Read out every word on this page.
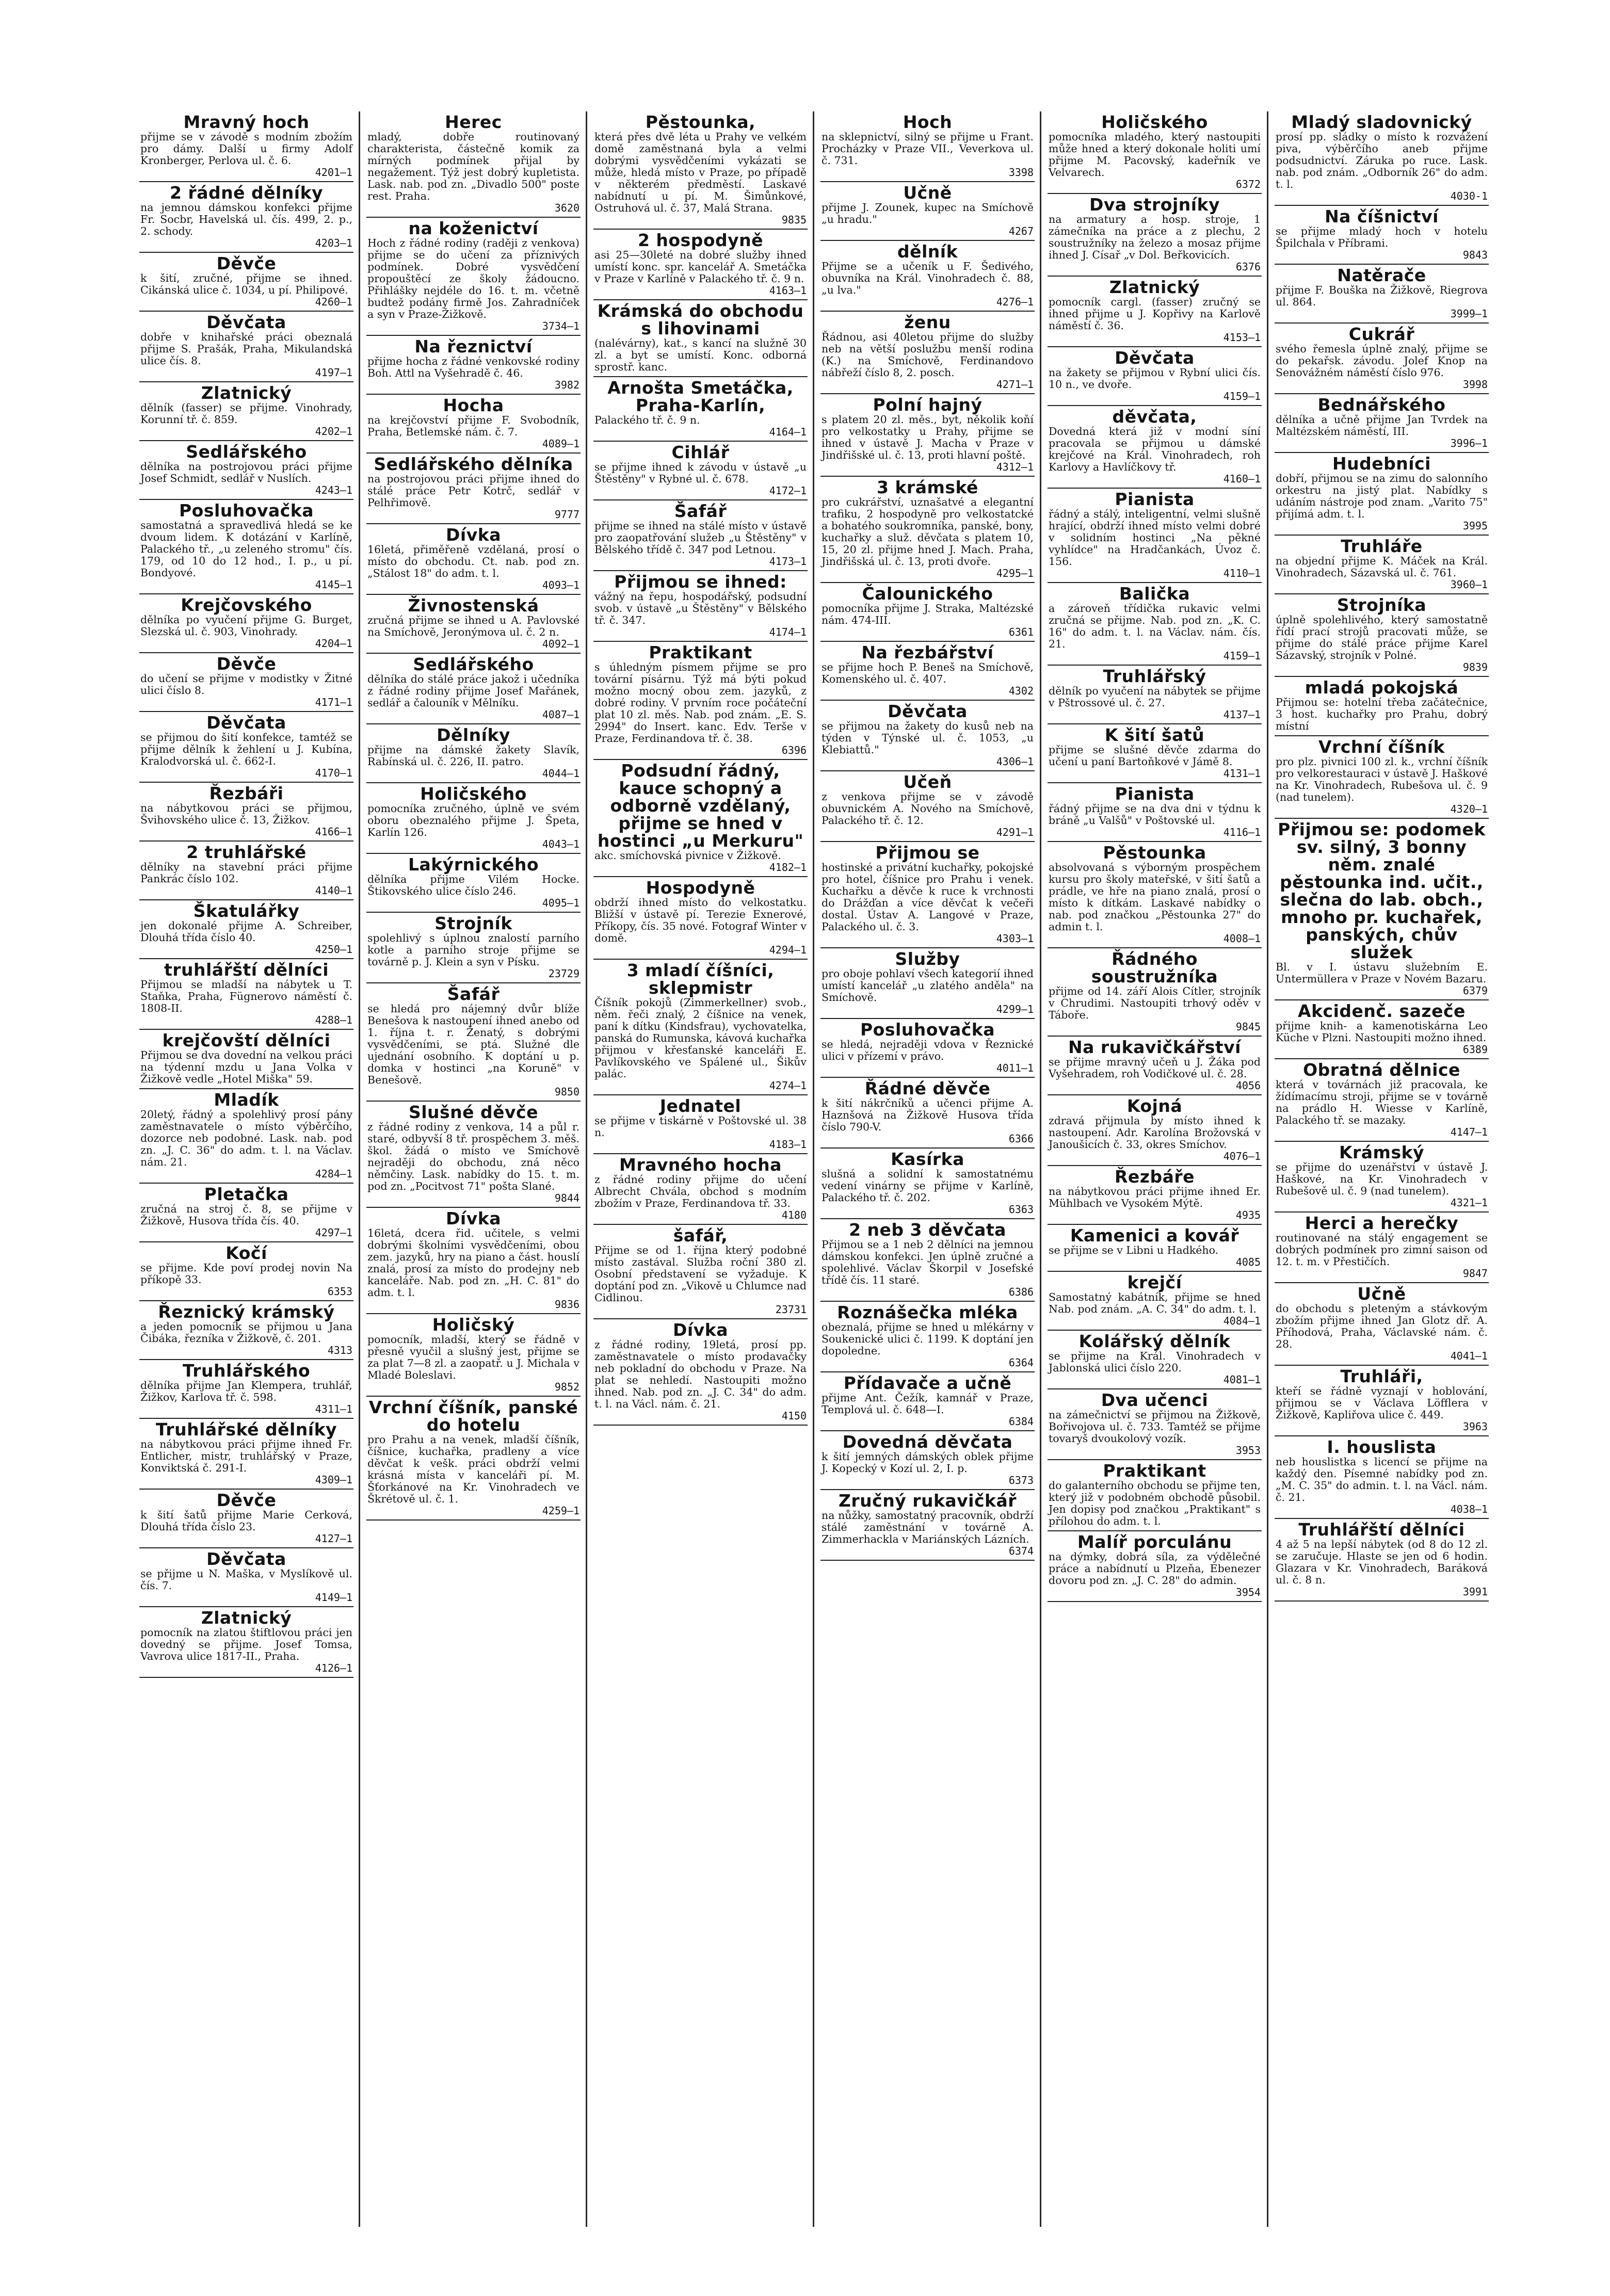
Mravný hoch

přijme se v závodě s modním zbožím pro dámy. Další u firmy Adolf Kronberger, Perlova ul. č. 6.

4201—1
2 řádné dělníky

na jemnou dámskou konfekci přijme Fr. Socbr, Havelská ul. čís. 499, 2. p., 2. schody.

4203—1
Děvče

k šití, zručné, přijme se ihned. Cikánská ulice č. 1034, u pí. Philipové.

4260—1
Děvčata

dobře v knihařské práci obeznalá přijme S. Prašák, Praha, Mikulandská ulice čís. 8.

4197—1
Zlatnický

dělník (fasser) se přijme. Vinohrady, Korunní tř. č. 859.

4202—1
Sedlářského

dělníka na postrojovou práci přijme Josef Schmidt, sedlář v Nuslích.

4243—1
Posluhovačka

samostatná a spravedlivá hledá se ke dvoum lidem. K dotázání v Karlíně, Palackého tř., „u zeleného stromu" čís. 179, od 10 do 12 hod., I. p., u pí. Bondyové.

4145—1
Krejčovského

dělníka po vyučení přijme G. Burget, Slezská ul. č. 903, Vinohrady.

4204—1
Děvče

do učení se přijme v modistky v Žitné ulici číslo 8.

4171—1
Děvčata

se přijmou do šití konfekce, tamtéž se přijme dělník k žehlení u J. Kubína, Kralodvorská ul. č. 662-I.

4170—1
Řezbáři

na nábytkovou práci se přijmou, Švihovského ulice č. 13, Žižkov.

4166—1
2 truhlářské

dělníky na stavební práci přijme Pankrác číslo 102.

4140—1
Škatulářky

jen dokonalé přijme A. Schreiber, Dlouhá třída číslo 40.

4250—1
truhlářští dělníci

Přijmou se mladší na nábytek u T. Staňka, Praha, Fügnerovo náměstí č. 1808-II.

4288—1
krejčovští dělníci

Přijmou se dva dovední na velkou práci na týdenní mzdu u Jana Volka v Žižkově vedle „Hotel Miška" 59.

Mladík

20letý, řádný a spolehlivý prosí pány zaměstnavatele o místo výběrčího, dozorce neb podobné. Lask. nab. pod zn. „J. C. 36" do adm. t. l. na Václav. nám. 21.

4284—1
Pletačka

zručná na stroj č. 8, se přijme v Žižkově, Husova třída čís. 40.

4297—1
Kočí

se přijme. Kde poví prodej novin Na příkopě 33.

6353
Řeznický krámský

a jeden pomocník se přijmou u Jana Čibáka, řezníka v Žižkově, č. 201.

4313
Truhlářského

dělníka přijme Jan Klempera, truhlář, Žižkov, Karlova tř. č. 598.

4311—1
Truhlářské dělníky

na nábytkovou práci přijme ihned Fr. Entlicher, mistr, truhlářský v Praze, Konviktská č. 291-I.

4309—1
Děvče

k šití šatů přijme Marie Cerková, Dlouhá třída číslo 23.

4127—1
Děvčata

se přijme u N. Maška, v Myslíkově ul. čís. 7.

4149—1
Zlatnický

pomocník na zlatou štiftlovou práci jen dovedný se přijme. Josef Tomsa, Vavrova ulice 1817-II., Praha.

4126—1
Herec

mladý, dobře routinovaný charakterista, částečně komik za mírných podmínek přijal by negažement. Týž jest dobrý kupletista. Lask. nab. pod zn. „Divadlo 500" poste rest. Praha.

3620
na koženictví

Hoch z řádné rodiny (raději z venkova) přijme se do učení za příznivých podmínek. Dobré vysvědčení propouštěcí ze školy žádoucno. Přihlášky nejdéle do 16. t. m. včetně budtež podány firmě Jos. Zahradníček a syn v Praze-Žižkově.

3734—1
Na řeznictví

přijme hocha z řádné venkovské rodiny Boh. Attl na Vyšehradě č. 46.

3982
Hocha

na krejčovství přijme F. Svobodník, Praha, Betlemské nám. č. 7.

4089—1
Sedlářského dělníka

na postrojovou práci přijme ihned do stálé práce Petr Kotrč, sedlář v Pelhřimově.

9777
Dívka

16letá, přiměřeně vzdělaná, prosí o místo do obchodu. Ct. nab. pod zn. „Stálost 18" do adm. t. l.

4093—1
Živnostenská

zručná přijme se ihned u A. Pavlovské na Smíchově, Jeronýmova ul. č. 2 n.

4092—1
Sedlářského

dělníka do stálé práce jakož i učedníka z řádné rodiny přijme Josef Mařánek, sedlář a čalouník v Mělníku.

4087—1
Dělníky

přijme na dámské žakety Slavík, Rabínská ul. č. 226, II. patro.

4044—1
Holičského

pomocníka zručného, úplně ve svém oboru obeznalého přijme J. Špeta, Karlín 126.

4043—1
Lakýrnického

dělníka přijme Vilém Hocke. Štikovského ulice číslo 246.

4095—1
Strojník

spolehlivý s úplnou znalostí parního kotle a parního stroje přijme se továrně p. J. Klein a syn v Písku.

23729
Šafář

se hledá pro nájemný dvůr blíže Benešova k nastoupení ihned anebo od 1. října t. r. Ženatý, s dobrými vysvědčeními, se ptá. Služné dle ujednání osobního. K doptání u p. domka v hostinci „na Koruně" v Benešově.

9850
Slušné děvče

z řádné rodiny z venkova, 14 a půl r. staré, odbyvší 8 tř. prospěchem 3. měš. škol. žádá o místo ve Smíchově nejraději do obchodu, zná něco němčiny. Lask. nabídky do 15. t. m. pod zn. „Pocitvost 71" pošta Slané.

9844
Dívka

16letá, dcera řid. učitele, s velmi dobrými školními vysvědčeními, obou zem. jazyků, hry na piano a část. houslí znalá, prosí za místo do prodejny neb kanceláře. Nab. pod zn. „H. C. 81" do adm. t. l.

9836
Holičský

pomocník, mladší, který se řádně v přesně vyučil a slušný jest, přijme se za plat 7—8 zl. a zaopatř. u J. Michala v Mladé Boleslavi.

9852
Vrchní číšník, panské do hotelu

pro Prahu a na venek, mladší číšník, číšnice, kuchařka, pradleny a více děvčat k vešk. práci obdrží velmi krásná místa v kanceláři pí. M. Šťorkánové na Kr. Vinohradech ve Škrétově ul. č. 1.

4259—1
Pěstounka,

která přes dvě léta u Prahy ve velkém domě zaměstnaná byla a velmi dobrými vysvědčeními vykázati se může, hledá místo v Praze, po případě v některém předměstí. Laskavé nabídnutí u pí. M. Šimůnkové, Ostruhová ul. č. 37, Malá Strana.

9835
2 hospodyně

asi 25—30leté na dobré služby ihned umístí konc. spr. kancelář A. Smetáčka v Praze v Karlíně v Palackého tř. č. 9 n.

4163—1
Krámská do obchodu s lihovinami

(nalévárny), kat., s kancí na služně 30 zl. a byt se umístí. Konc. odborná sprostř. kanc.

Arnošta Smetáčka, Praha-Karlín,

Palackého tř. č. 9 n.

4164—1
Cihlář

se přijme ihned k závodu v ústavě „u Štěstěny" v Rybné ul. č. 678.

4172—1
Šafář

přijme se ihned na stálé místo v ústavě pro zaopatřování služeb „u Štěstěny" v Bělského třídě č. 347 pod Letnou.

4173—1
Přijmou se ihned:

vážný na řepu, hospodářský, podsudní svob. v ústavě „u Štěstěny" v Bělského tř. č. 347.

4174—1
Praktikant

s úhledným písmem přijme se pro tovární písárnu. Týž má býti pokud možno mocný obou zem. jazyků, z dobré rodiny. V prvním roce počáteční plat 10 zl. měs. Nab. pod znám. „E. S. 2994" do Insert. kanc. Edv. Terše v Praze, Ferdinandova tř. č. 38.

6396
Podsudní řádný, kauce schopný a odborně vzdělaný, přijme se hned v hostinci „u Merkuru"

akc. smíchovská pivnice v Žižkově.

4182—1
Hospodyně

obdrží ihned místo do velkostatku. Bližší v ústavě pí. Terezie Exnerové, Příkopy, čís. 35 nové. Fotograf Winter v domě.

4294—1
3 mladí číšníci, sklepmistr

Číšník pokojů (Zimmerkellner) svob., něm. řeči znalý, 2 číšnice na venek, paní k dítku (Kindsfrau), vychovatelka, panská do Rumunska, kávová kuchařka přijmou v křesťanské kanceláři E. Pavlíkovského ve Spálené ul., Šikův palác.

4274—1
Jednatel

se přijme v tiskárně v Poštovské ul. 38 n.

4183—1
Mravného hocha

z řádné rodiny přijme do učení Albrecht Chvála, obchod s modním zbožím v Praze, Ferdinandova tř. 33.

4180
šafář,

Přijme se od 1. října který podobné místo zastával. Služba roční 380 zl. Osobní představení se vyžaduje. K doptání pod zn. „Vikově u Chlumce nad Cidlinou.

23731
Dívka

z řádné rodiny, 19letá, prosí pp. zaměstnavatele o místo prodavačky neb pokladní do obchodu v Praze. Na plat se nehledí. Nastoupiti možno ihned. Nab. pod zn. „J. C. 34" do adm. t. l. na Václ. nám. č. 21.

4150
Hoch

na sklepnictví, silný se přijme u Frant. Procházky v Praze VII., Veverkova ul. č. 731.

3398
Učně

přijme J. Zounek, kupec na Smíchově „u hradu."

4267
dělník

Přijme se a učeník u F. Šedivého, obuvníka na Král. Vinohradech č. 88, „u lva."

4276—1
ženu

Řádnou, asi 40letou přijme do služby neb na větší poslužbu menší rodina (K.) na Smíchově, Ferdinandovo nábřeží číslo 8, 2. posch.

4271—1
Polní hajný

s platem 20 zl. měs., byt, několik koňí pro velkostatky u Prahy, přijme se ihned v ústavě J. Macha v Praze v Jindřišské ul. č. 13, proti hlavní poště.

4312—1
3 krámské

pro cukrářství, uznašatvé a elegantní trafiku, 2 hospodyně pro velkostatcké a bohatého soukromníka, panské, bony, kuchařky a služ. děvčata s platem 10, 15, 20 zl. přijme hned J. Mach. Praha, Jindřišská ul. č. 13, proti dvoře.

4295—1
Čalounického

pomocníka přijme J. Straka, Maltézské nám. 474-III.

6361
Na řezbářství

se přijme hoch P. Beneš na Smíchově, Komenského ul. č. 407.

4302
Děvčata

se přijmou na žakety do kusů neb na týden v Týnské ul. č. 1053, „u Klebiattů."

4306—1
Učeň

z venkova přijme se v závodě obuvnickém A. Nového na Smíchově, Palackého tř. č. 12.

4291—1
Přijmou se

hostinské a privátní kuchařky, pokojské pro hotel, číšnice pro Prahu i venek. Kuchařku a děvče k ruce k vrchnosti do Drážďan a více děvčat k večeři dostal. Ústav A. Langové v Praze, Palackého ul. č. 3.

4303—1
Služby

pro oboje pohlaví všech kategorií ihned umístí kancelář „u zlatého anděla" na Smíchově.

4299—1
Posluhovačka

se hledá, nejraději vdova v Řeznické ulici v přízemí v právo.

4011—1
Řádné děvče

k šití nákrčníků a učenci přijme A. Haznšová na Žižkově Husova třída číslo 790-V.

6366
Kasírka

slušná a solidní k samostatnému vedení vinárny se přijme v Karlíně, Palackého tř. č. 202.

6363
2 neb 3 děvčata

Přijmou se a 1 neb 2 dělníci na jemnou dámskou konfekci. Jen úplně zručné a spolehlivé. Václav Škorpil v Josefské třídě čís. 11 staré.

6386
Roznášečka mléka

obeznalá, přijme se hned u mlékárny v Soukenické ulici č. 1199. K doptání jen dopoledne.

6364
Přídavače a učně

přijme Ant. Čežík, kamnář v Praze, Templová ul. č. 648—I.

6384
Dovedná děvčata

k šití jemných dámských oblek přijme J. Kopecký v Kozí ul. 2, I. p.

6373
Zručný rukavičkář

na nůžky, samostatný pracovník, obdrží stálé zaměstnání v továrně A. Zimmerhackla v Mariánských Lázních.

6374
Holičského

pomocníka mladého, který nastoupiti může hned a který dokonale holiti umí přijme M. Pacovský, kadeřník ve Velvarech.

6372
Dva strojníky

na armatury a hosp. stroje, 1 zámečníka na práce a z plechu, 2 soustružníky na železo a mosaz přijme ihned J. Císař „v Dol. Beřkovicích.

6376
Zlatnický

pomocník cargl. (fasser) zručný se ihned přijme u J. Kopřivy na Karlově náměstí č. 36.

4153—1
Děvčata

na žakety se přijmou v Rybní ulici čís. 10 n., ve dvoře.

4159—1
děvčata,

Dovedná která již v modní síní pracovala se přijmou u dámské krejčové na Král. Vinohradech, roh Karlovy a Havlíčkovy tř.

4160—1
Pianista

řádný a stálý, inteligentní, velmi slušně hrající, obdrží ihned místo velmi dobré v solidním hostinci „Na pěkné vyhlídce" na Hradčankách, Úvoz č. 156.

4110—1
Balička

a zároveň třídička rukavic velmi zručná se přijme. Nab. pod zn. „K. C. 16" do adm. t. l. na Václav. nám. čís. 21.

4159—1
Truhlářský

dělník po vyučení na nábytek se přijme v Pštrossové ul. č. 27.

4137—1
K šití šatů

přijme se slušné děvče zdarma do učení u paní Bartoňkové v Jámě 8.

4131—1
Pianista

řádný přijme se na dva dni v týdnu k bráně „u Valšů" v Poštovské ul.

4116—1
Pěstounka

absolvovaná s výborným prospěchem kursu pro školy mateřské, v šití šatů a prádle, ve hře na piano znalá, prosí o místo k dítkám. Laskavé nabídky o nab. pod značkou „Pěstounka 27" do admin t. l.

4008—1
Řádného soustružníka

přijme od 14. září Alois Cítler, strojník v Chrudimi. Nastoupiti trhový oděv v Táboře.

9845
Na rukavičkářství

se přijme mravný učeň u J. Žáka pod Vyšehradem, roh Vodičkové ul. č. 28.

4056
Kojná

zdravá přijmula by místo ihned k nastoupení. Adr. Karolína Brožovská v Janoušicích č. 33, okres Smíchov.

4076—1
Řezbáře

na nábytkovou práci přijme ihned Er. Mühlbach ve Vysokém Mýtě.

4935
Kamenici a kovář

se přijme se v Libni u Hadkého.

4085
krejčí

Samostatný kabátník, přijme se hned Nab. pod znám. „A. C. 34" do adm. t. l.

4084—1
Kolářský dělník

se přijme na Král. Vinohradech v Jablonská ulici číslo 220.

4081—1
Dva učenci

na zámečnictví se přijmou na Žižkově, Bořivojova ul. č. 733. Tamtéž se přijme tovaryš dvoukolový vozík.

3953
Praktikant

do galanterního obchodu se přijme ten, který již v podobném obchodě působil. Jen dopisy pod značkou „Praktikant" s přílohou do adm. t. l.

Malíř porculánu

na dýmky, dobrá síla, za výdělečné práce a nabídnutí u Plzeňa, Ebenezer dovoru pod zn. „J. C. 28" do admin.

3954
Mladý sladovnický

prosí pp. sládky o místo k rozvážení piva, výběrčího aneb přijme podsudnictví. Záruka po ruce. Lask. nab. pod znám. „Odborník 26" do adm. t. l.

4030-1
Na číšnictví

se přijme mladý hoch v hotelu Špilchala v Příbrami.

9843
Natěrače

přijme F. Bouška na Žižkově, Riegrova ul. 864.

3999—1
Cukrář

svého řemesla úplně znalý, přijme se do pekařsk. závodu. Jolef Knop na Senovážném náměstí číslo 976.

3998
Bednářského

dělníka a učně přijme Jan Tvrdek na Maltézském náměstí, III.

3996—1
Hudebníci

dobří, přijmou se na zimu do salonního orkestru na jistý plat. Nabídky s udáním nástroje pod znam. „Varito 75" přijímá adm. t. l.

3995
Truhláře

na objední přijme K. Máček na Král. Vinohradech, Sázavská ul. č. 761.

3960—1
Strojníka

úplně spolehlivého, který samostatně řídí prací strojů pracovati může, se přijme do stálé práce přijme Karel Sázavský, strojník v Polné.

9839
mladá pokojská

Přijmou se: hotelní třeba začátečnice, 3 host. kuchařky pro Prahu, dobrý místní

Vrchní číšník

pro plz. pivnici 100 zl. k., vrchní číšník pro velkorestauraci v ústavě J. Haškové na Kr. Vinohradech, Rubešova ul. č. 9 (nad tunelem).

4320—1
Přijmou se: podomek sv. silný, 3 bonny něm. znalé pěstounka ind. učit., slečna do lab. obch., mnoho pr. kuchařek, panských, chův služek

Bl. v I. ústavu služebním E. Untermüllera v Praze v Novém Bazaru.

6379
Akcidenč. sazeče

přijme knih- a kamenotiskárna Leo Küche v Plzni. Nastoupiti možno ihned.

6389
Obratná dělnice

která v továrnách již pracovala, ke žídímacímu stroji, přijme se v továrně na prádlo H. Wiesse v Karlíně, Palackého tř. se mazaky.

4147—1
Krámský

se přijme do uzenářství v ústavě J. Haškové, na Kr. Vinohradech v Rubešově ul. č. 9 (nad tunelem).

4321—1
Herci a herečky

routinované na stálý engagement se dobrých podmínek pro zimní saison od 12. t. m. v Přestičích.

9847
Učně

do obchodu s pleteným a stávkovým zbožím přijme ihned Jan Glotz dř. A. Příhodová, Praha, Václavské nám. č. 28.

4041—1
Truhláři,

kteří se řádně vyznají v hoblování, přijmou se v Václava Löfflera v Žižkově, Kapliřova ulice č. 449.

3963
I. houslista

neb houslistka s licencí se přijme na každý den. Písemné nabídky pod zn. „M. C. 35" do admin. t. l. na Václ. nám. č. 21.

4038—1
Truhlářští dělníci

4 až 5 na lepší nábytek (od 8 do 12 zl. se zaručuje. Hlaste se jen od 6 hodin. Glazara v Kr. Vinohradech, Baráková ul. č. 8 n.

3991
